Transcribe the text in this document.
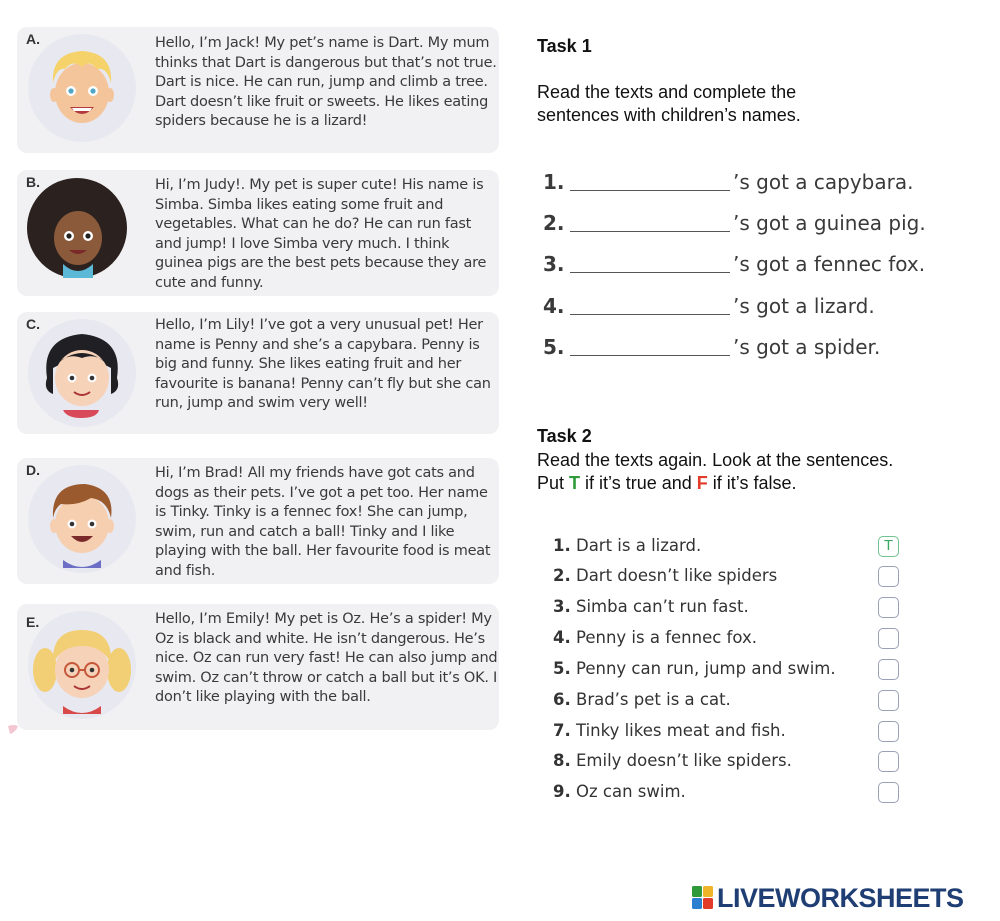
A.	Hello, I’m Jack! My pet’s name is Dart. My mum thinks that Dart is dangerous but that’s not true. Dart is nice. He can run, jump and climb a tree. Dart doesn’t like fruit or sweets. He likes eating spiders because he is a lizard!
B.	Hi, I’m Judy!. My pet is super cute! His name is Simba. Simba likes eating some fruit and vegetables. What can he do? He can run fast and jump! I love Simba very much. I think guinea pigs are the best pets because they are cute and funny.
C.	Hello, I’m Lily! I’ve got a very unusual pet! Her name is Penny and she’s a capybara. Penny is big and funny. She likes eating fruit and her favourite is banana! Penny can’t fly but she can run, jump and swim very well!
D.	Hi, I’m Brad! All my friends have got cats and dogs as their pets. I’ve got a pet too. Her name is Tinky. Tinky is a fennec fox! She can jump, swim, run and catch a ball! Tinky and I like playing with the ball. Her favourite food is meat and fish.
E.	Hello, I’m Emily! My pet is Oz. He’s a spider! My Oz is black and white. He isn’t dangerous. He’s nice. Oz can run very fast! He can also jump and swim. Oz can’t throw or catch a ball but it’s OK. I don’t like playing with the ball.
Task 1
Read the texts and complete the sentences with children’s names.
1.	’s got a capybara.
2.	’s got a guinea pig.
3.	’s got a fennec fox.
4.	’s got a lizard.
5.	’s got a spider.
Task 2
Read the texts again. Look at the sentences.
Put T if it’s true and F if it’s false.
1. Dart is a lizard.	T
2. Dart doesn’t like spiders
3. Simba can’t run fast.
4. Penny is a fennec fox.
5. Penny can run, jump and swim.
6. Brad’s pet is a cat.
7. Tinky likes meat and fish.
8. Emily doesn’t like spiders.
9. Oz can swim.
LIVEWORKSHEETS
